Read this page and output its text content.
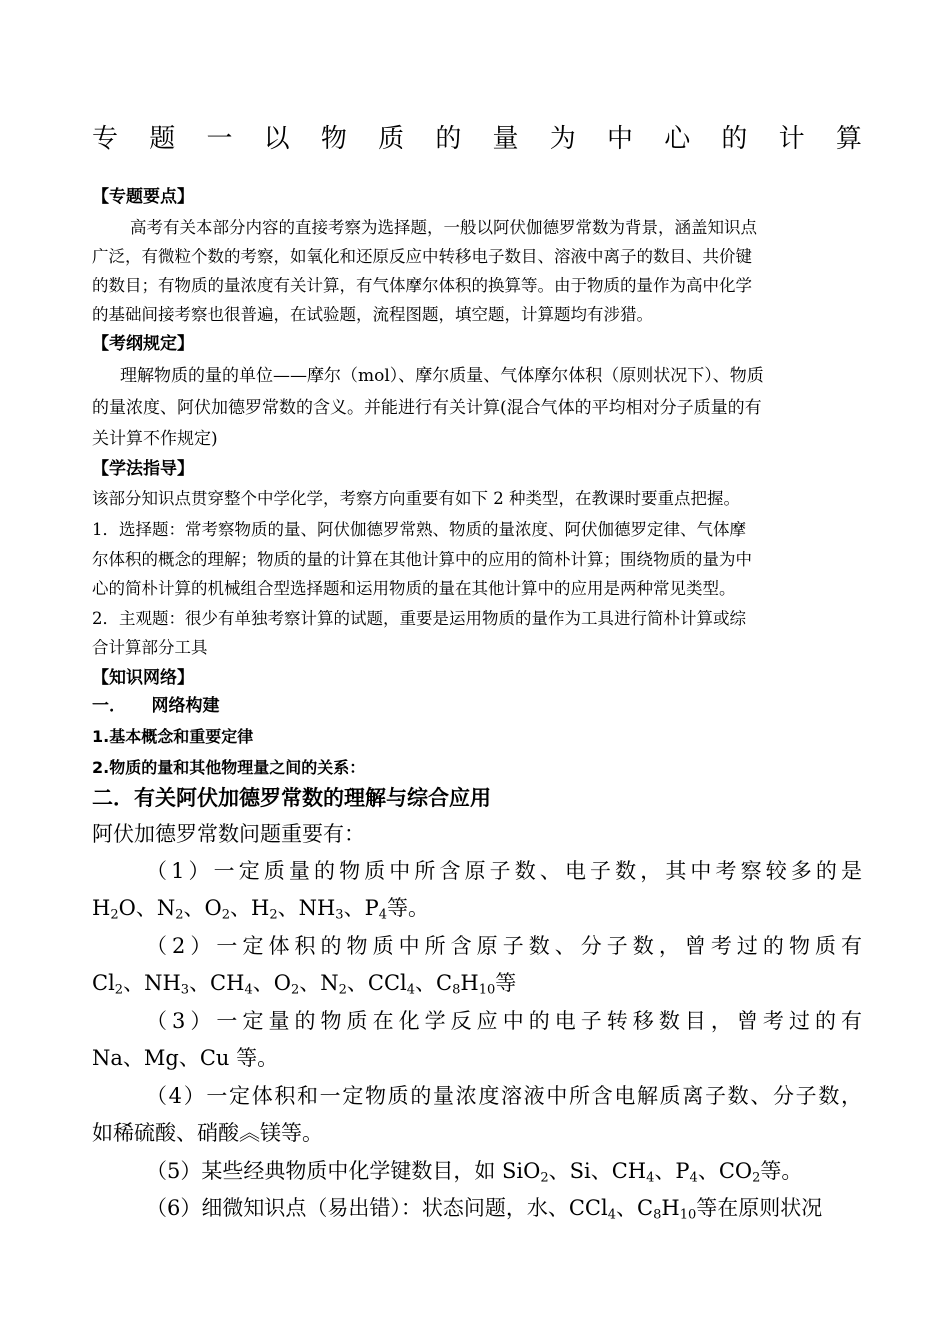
专 题 一 以 物 质 的 量 为 中 心 的 计 算
【专题要点】
高考有关本部分内容的直接考察为选择题，一般以阿伏伽德罗常数为背景，涵盖知识点
广泛，有微粒个数的考察，如氧化和还原反应中转移电子数目、溶液中离子的数目、共价键
的数目；有物质的量浓度有关计算，有气体摩尔体积的换算等。由于物质的量作为高中化学
的基础间接考察也很普遍，在试验题，流程图题，填空题，计算题均有涉猎。
【考纲规定】
理解物质的量的单位——摩尔（mol）、摩尔质量、气体摩尔体积（原则状况下）、物质
的量浓度、阿伏加德罗常数的含义。并能进行有关计算(混合气体的平均相对分子质量的有
关计算不作规定)
【学法指导】
该部分知识点贯穿整个中学化学，考察方向重要有如下 2 种类型，在教课时要重点把握。
1．选择题：常考察物质的量、阿伏伽德罗常熟、物质的量浓度、阿伏伽德罗定律、气体摩
尔体积的概念的理解；物质的量的计算在其他计算中的应用的简朴计算；围绕物质的量为中
心的简朴计算的机械组合型选择题和运用物质的量在其他计算中的应用是两种常见类型。
2．主观题：很少有单独考察计算的试题，重要是运用物质的量作为工具进行简朴计算或综
合计算部分工具
【知识网络】
一．　　网络构建
1.基本概念和重要定律
2.物质的量和其他物理量之间的关系：
二．有关阿伏加德罗常数的理解与综合应用
阿伏加德罗常数问题重要有：
（1）一定质量的物质中所含原子数、电子数，其中考察较多的是
$H_2O$、$N_2$、$O_2$、$H_2$、$NH_3$、$P_4$等。
（2）一定体积的物质中所含原子数、分子数，曾考过的物质有
$Cl_2$、$NH_3$、$CH_4$、$O_2$、$N_2$、CCl$_4$、$C_8H_{10}$等
（3）一定量的物质在化学反应中的电子转移数目，曾考过的有
Na、Mg、Cu 等。
（4）一定体积和一定物质的量浓度溶液中所含电解质离子数、分子数，
如稀硫酸、硝酸︽镁等。
（5）某些经典物质中化学键数目，如 SiO$_2$、Si、$CH_4$、$P_4$、$CO_2$等。
（6）细微知识点（易出错）：状态问题，水、CCl$_4$、$C_8H_{10}$等在原则状况
